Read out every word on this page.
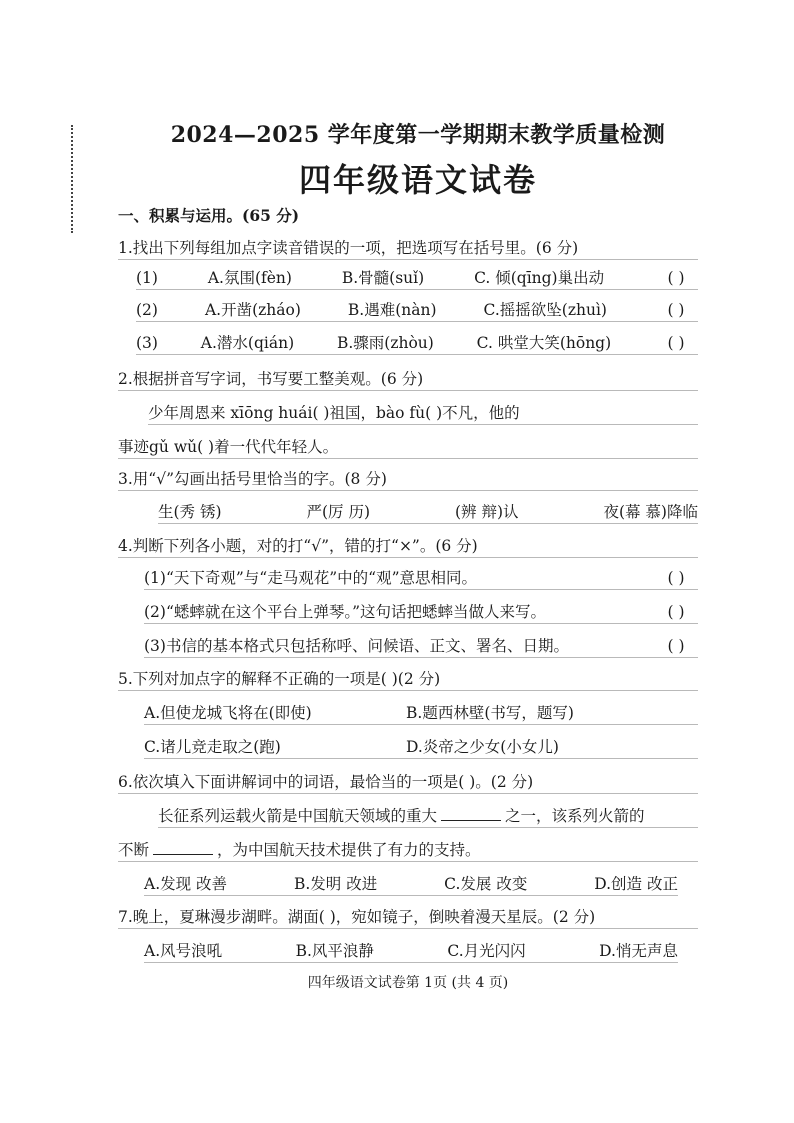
2024—2025 学年度第一学期期末教学质量检测
四年级语文试卷
一、积累与运用。(65 分)
1.找出下列每组加点字读音错误的一项，把选项写在括号里。(6 分)
(1)	A.氛围(fèn)	B.骨髓(suǐ)	C. 倾(qīng)巢出动	( )
(2)	A.开凿(zháo)	B.遇难(nàn)	C.摇摇欲坠(zhuì)	( )
(3)	A.潜水(qián)	B.骤雨(zhòu)	C. 哄堂大笑(hōng)	( )
2.根据拼音写字词，书写要工整美观。(6 分)
少年周恩来 xīōng huái( )祖国，bào fù( )不凡，他的
事迹gǔ wǔ( )着一代代年轻人。
3.用“√”勾画出括号里恰当的字。(8 分)
生(秀 锈)	严(厉 历)	(辨 辩)认	夜(幕 慕)降临
4.判断下列各小题，对的打“√”，错的打“×”。(6 分)
(1)“天下奇观”与“走马观花”中的“观”意思相同。	( )
(2)“蟋蟀就在这个平台上弹琴。”这句话把蟋蟀当做人来写。	( )
(3)书信的基本格式只包括称呼、问候语、正文、署名、日期。	( )
5.下列对加点字的解释不正确的一项是( )(2 分)
A.但使龙城飞将在(即使)	B.题西林壁(书写，题写)
C.诸儿竞走取之(跑)	D.炎帝之少女(小女儿)
6.依次填入下面讲解词中的词语，最恰当的一项是( )。(2 分)
长征系列运载火箭是中国航天领域的重大	之一，该系列火箭的
不断	，为中国航天技术提供了有力的支持。
A.发现 改善	B.发明 改进	C.发展 改变	D.创造 改正
7.晚上，夏琳漫步湖畔。湖面( )，宛如镜子，倒映着漫天星辰。(2 分)
A.风号浪吼	B.风平浪静	C.月光闪闪	D.悄无声息
四年级语文试卷第 1页 (共 4 页)
